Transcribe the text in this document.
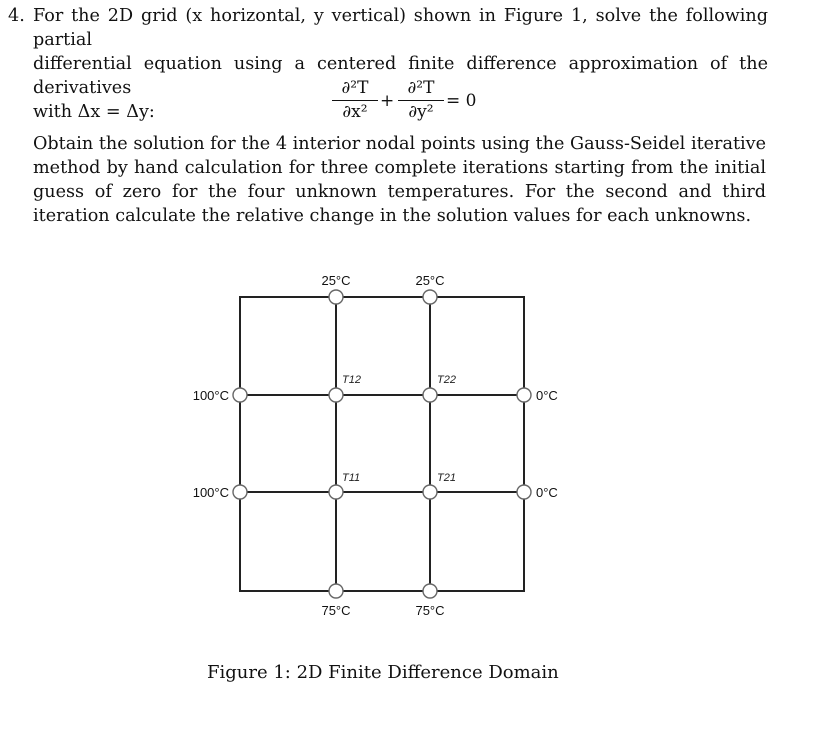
4. For the 2D grid (x horizontal, y vertical) shown in Figure 1, solve the following partial
differential equation using a centered finite difference approximation of the derivatives
with Δx = Δy:	$\frac{\text{∂²T}}{\text{∂x²}} + \frac{\text{∂²T}}{\text{∂y²}} = 0$
Obtain the solution for the 4 interior nodal points using the Gauss-Seidel iterative method by hand calculation for three complete iterations starting from the initial guess of zero for the four unknown temperatures. For the second and third iteration calculate the relative change in the solution values for each unknowns.
25°C	25°C
75°C	75°C
100°C
100°C
0°C
0°C
T12	T22
T11	T21
Figure 1: 2D Finite Difference Domain
